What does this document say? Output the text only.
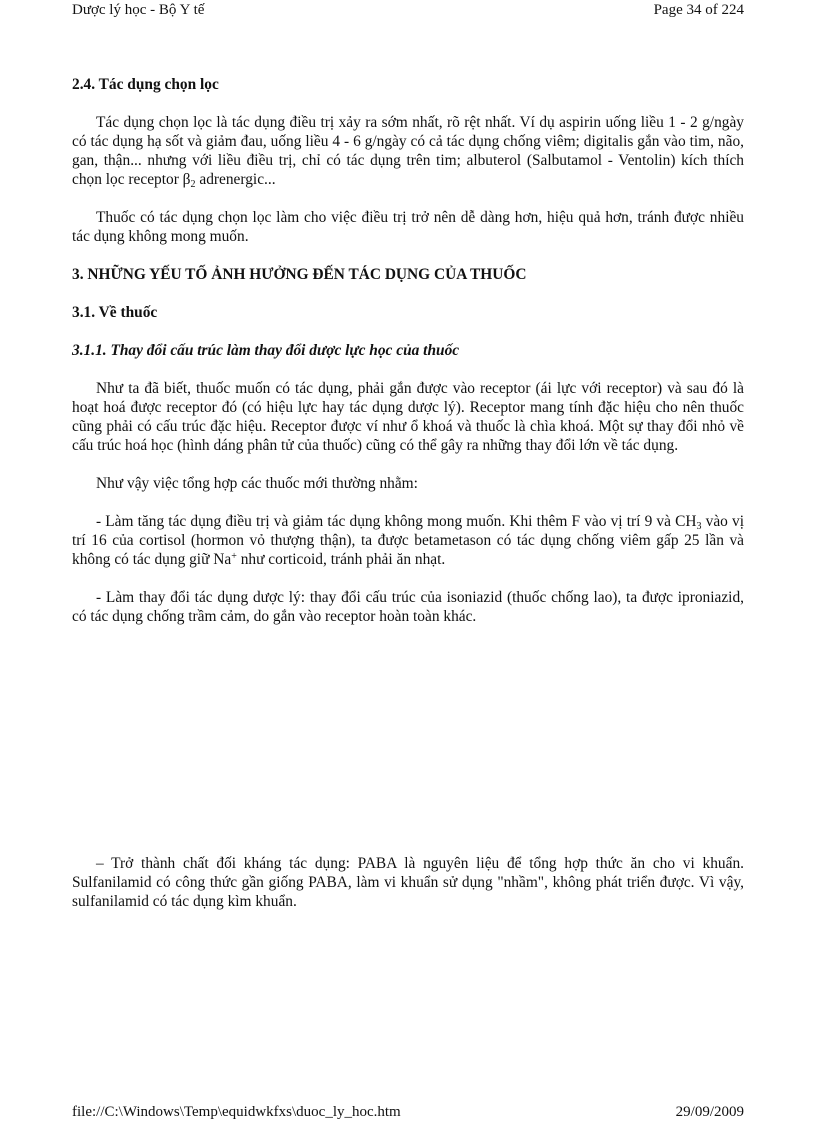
Dược lý học - Bộ Y tế	Page 34 of 224

2.4. Tác dụng chọn lọc

Tác dụng chọn lọc là tác dụng điều trị xảy ra sớm nhất, rõ rệt nhất. Ví dụ aspirin uống liều 1 - 2 g/ngày có tác dụng hạ sốt và giảm đau, uống liều 4 - 6 g/ngày có cả tác dụng chống viêm; digitalis gắn vào tim, não, gan, thận... nhưng với liều điều trị, chỉ có tác dụng trên tim; albuterol (Salbutamol - Ventolin) kích thích chọn lọc receptor $\beta_2$ adrenergic...

Thuốc có tác dụng chọn lọc làm cho việc điều trị trở nên dễ dàng hơn, hiệu quả hơn, tránh được nhiều tác dụng không mong muốn.

3. NHỮNG YẾU TỐ ẢNH HƯỞNG ĐẾN TÁC DỤNG CỦA THUỐC

3.1. Về thuốc

3.1.1. Thay đổi cấu trúc làm thay đổi dược lực học của thuốc

Như ta đã biết, thuốc muốn có tác dụng, phải gắn được vào receptor (ái lực với receptor) và sau đó là hoạt hoá được receptor đó (có hiệu lực hay tác dụng dược lý). Receptor mang tính đặc hiệu cho nên thuốc cũng phải có cấu trúc đặc hiệu. Receptor được ví như ổ khoá và thuốc là chìa khoá. Một sự thay đổi nhỏ về cấu trúc hoá học (hình dáng phân tử của thuốc) cũng có thể gây ra những thay đổi lớn về tác dụng.

Như vậy việc tổng hợp các thuốc mới thường nhằm:

- Làm tăng tác dụng điều trị và giảm tác dụng không mong muốn. Khi thêm F vào vị trí 9 và $CH_3$ vào vị trí 16 của cortisol (hormon vỏ thượng thận), ta được betametason có tác dụng chống viêm gấp 25 lần và không có tác dụng giữ Na+ như corticoid, tránh phải ăn nhạt.

- Làm thay đổi tác dụng dược lý: thay đổi cấu trúc của isoniazid (thuốc chống lao), ta được iproniazid, có tác dụng chống trầm cảm, do gắn vào receptor hoàn toàn khác.

– Trở thành chất đối kháng tác dụng: PABA là nguyên liệu để tổng hợp thức ăn cho vi khuẩn. Sulfanilamid có công thức gần giống PABA, làm vi khuẩn sử dụng "nhầm", không phát triển được. Vì vậy, sulfanilamid có tác dụng kìm khuẩn.

file://C:\Windows\Temp\equidwkfxs\duoc_ly_hoc.htm	29/09/2009
